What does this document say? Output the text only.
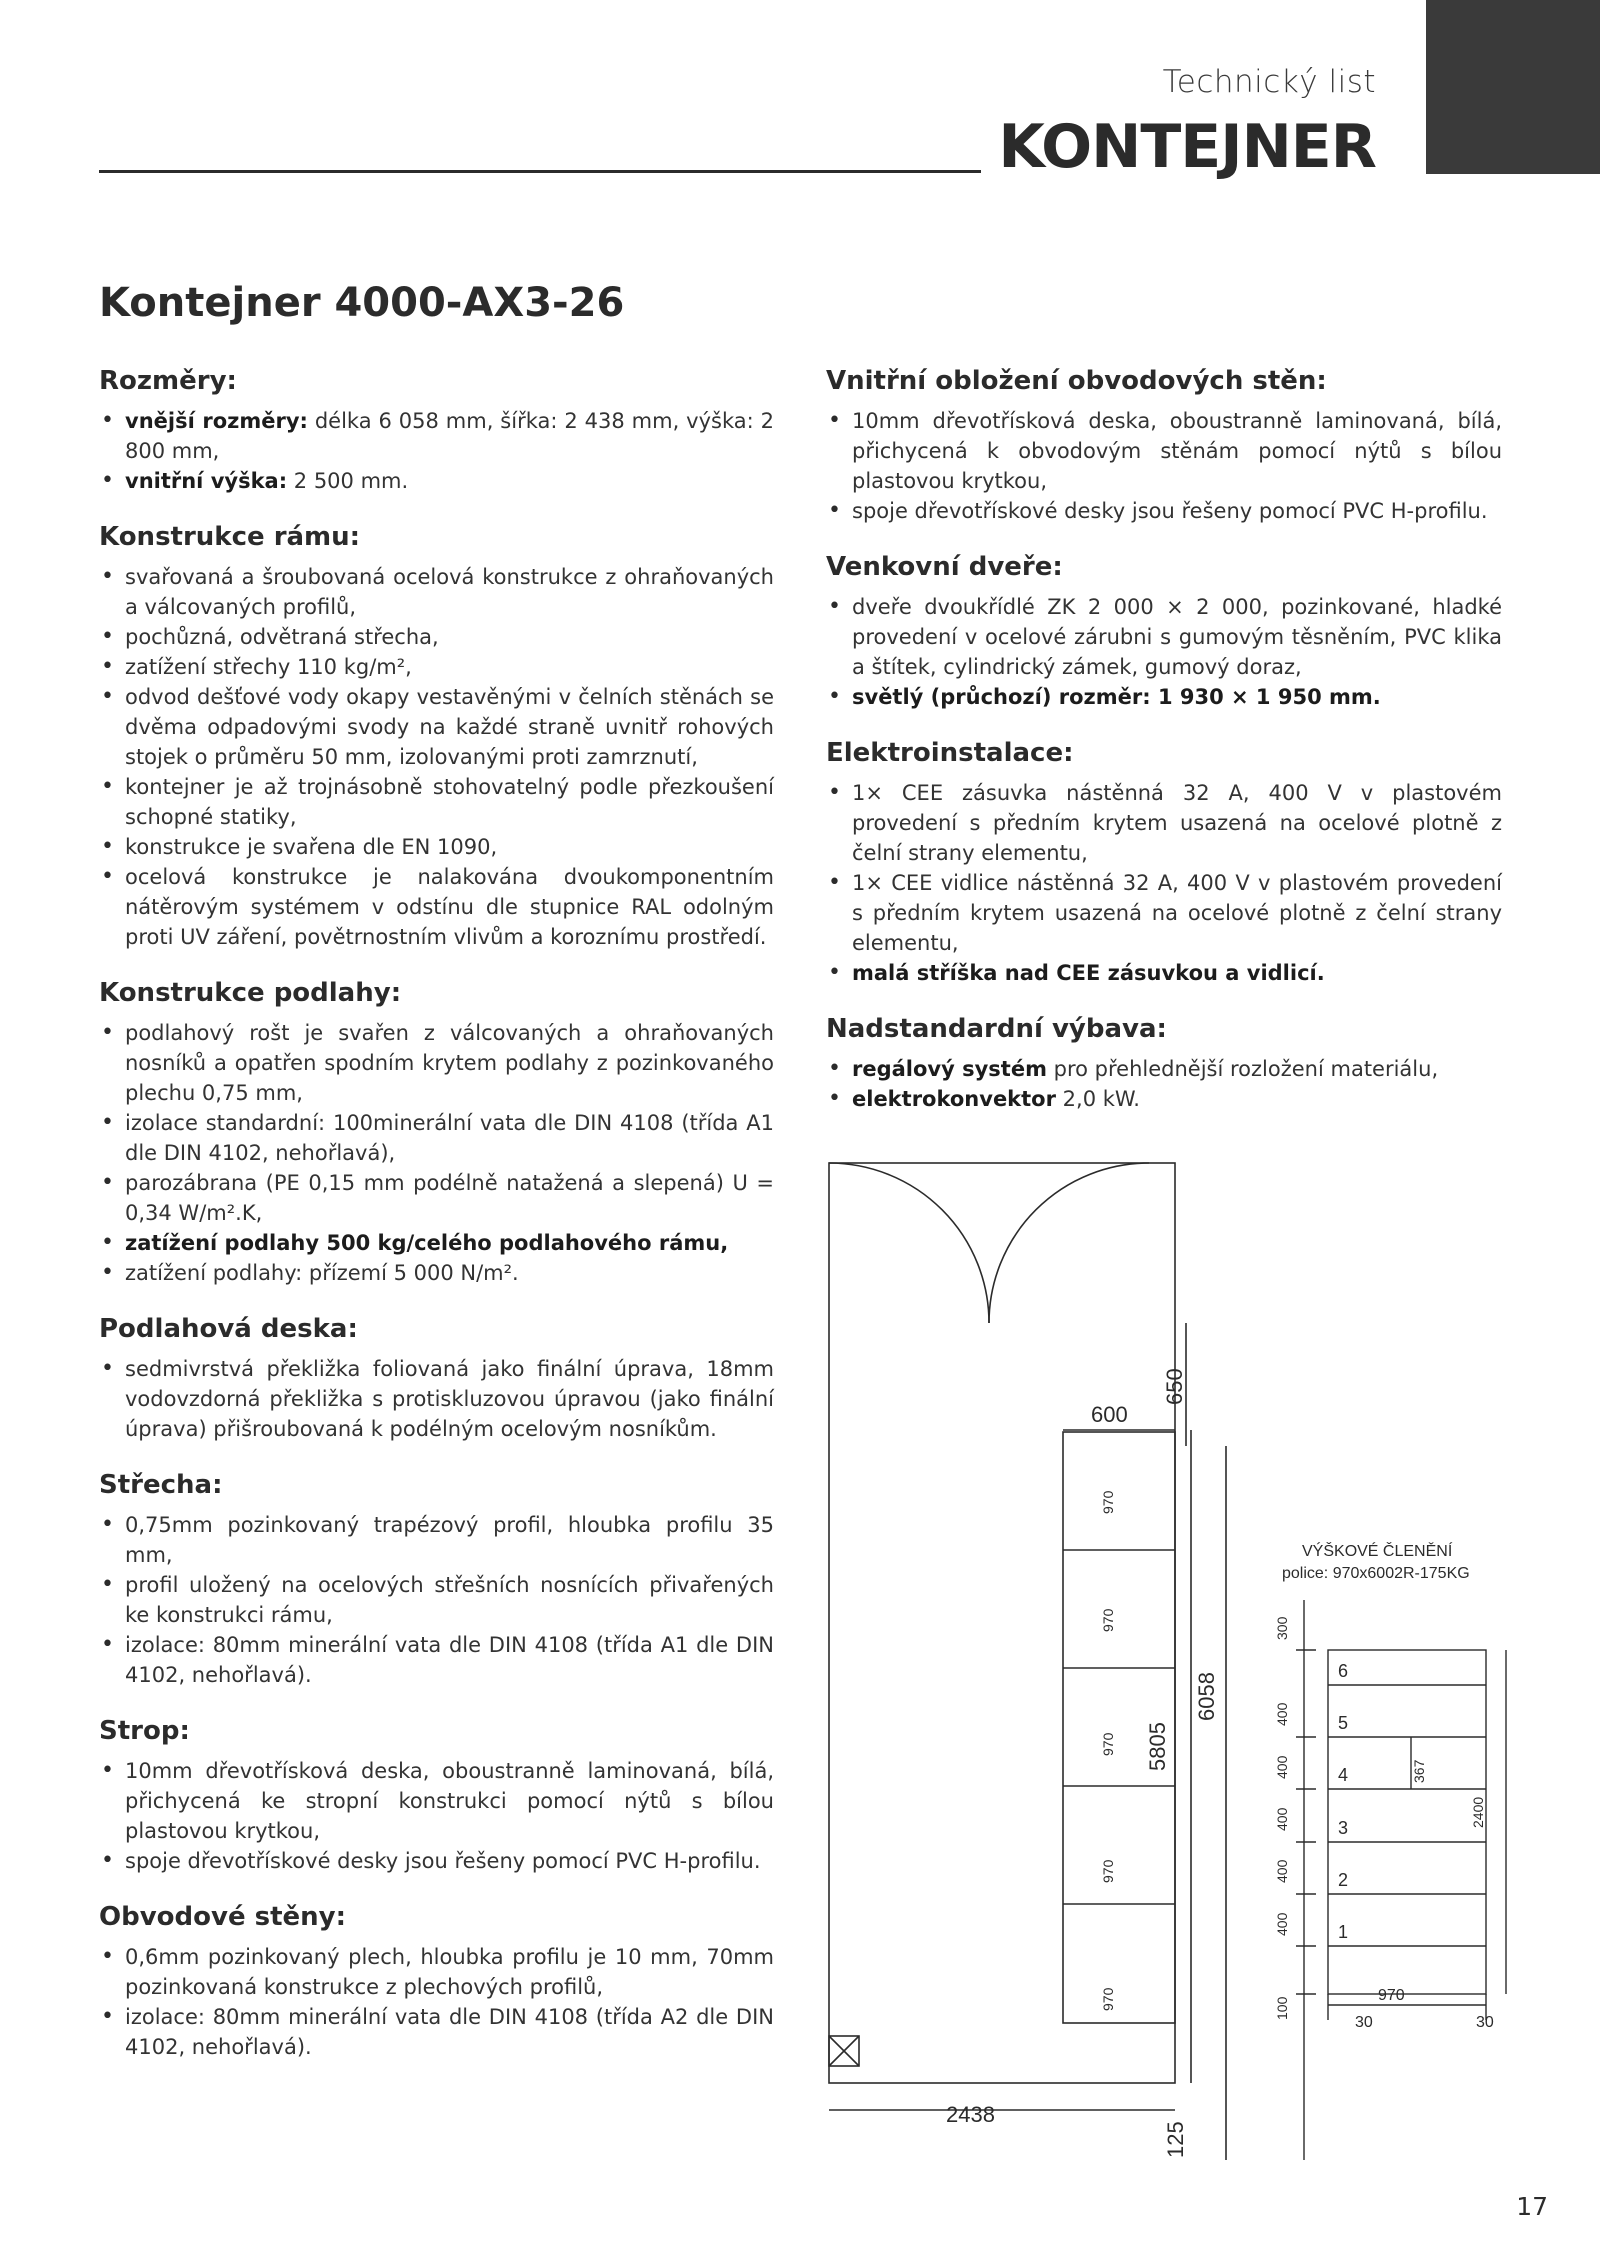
Technický list
KONTEJNER
Kontejner 4000-AX3-26
Rozměry:
• vnější rozměry: délka 6 058 mm, šířka: 2 438 mm, výška: 2 800 mm,
• vnitřní výška: 2 500 mm.
Konstrukce rámu:
• svařovaná a šroubovaná ocelová konstrukce z ohraňovaných a válcovaných profilů,
• pochůzná, odvětraná střecha,
• zatížení střechy 110 kg/m²,
• odvod dešťové vody okapy vestavěnými v čelních stěnách se dvěma odpadovými svody na každé straně uvnitř rohových stojek o průměru 50 mm, izolovanými proti zamrznutí,
• kontejner je až trojnásobně stohovatelný podle přezkoušení schopné statiky,
• konstrukce je svařena dle EN 1090,
• ocelová konstrukce je nalakována dvoukomponentním nátěrovým systémem v odstínu dle stupnice RAL odolným proti UV záření, povětrnostním vlivům a koroznímu prostředí.
Konstrukce podlahy:
• podlahový rošt je svařen z válcovaných a ohraňovaných nosníků a opatřen spodním krytem podlahy z pozinkovaného plechu 0,75 mm,
• izolace standardní: 100minerální vata dle DIN 4108 (třída A1 dle DIN 4102, nehořlavá),
• parozábrana (PE 0,15 mm podélně natažená a slepená) U = 0,34 W/m².K,
• zatížení podlahy 500 kg/celého podlahového rámu,
• zatížení podlahy: přízemí 5 000 N/m².
Podlahová deska:
• sedmivrstvá překližka foliovaná jako finální úprava, 18mm vodovzdorná překližka s protiskluzovou úpravou (jako finální úprava) přišroubovaná k podélným ocelovým nosníkům.
Střecha:
• 0,75mm pozinkovaný trapézový profil, hloubka profilu 35 mm,
• profil uložený na ocelových střešních nosnících přivařených ke konstrukci rámu,
• izolace: 80mm minerální vata dle DIN 4108 (třída A1 dle DIN 4102, nehořlavá).
Strop:
• 10mm dřevotřísková deska, oboustranně laminovaná, bílá, přichycená ke stropní konstrukci pomocí nýtů s bílou plastovou krytkou,
• spoje dřevotřískové desky jsou řešeny pomocí PVC H-profilu.
Obvodové stěny:
• 0,6mm pozinkovaný plech, hloubka profilu je 10 mm, 70mm pozinkovaná konstrukce z plechových profilů,
• izolace: 80mm minerální vata dle DIN 4108 (třída A2 dle DIN 4102, nehořlavá).
Vnitřní obložení obvodových stěn:
• 10mm dřevotřísková deska, oboustranně laminovaná, bílá, přichycená k obvodovým stěnám pomocí nýtů s bílou plastovou krytkou,
• spoje dřevotřískové desky jsou řešeny pomocí PVC H-profilu.
Venkovní dveře:
• dveře dvoukřídlé ZK 2 000 × 2 000, pozinkované, hladké provedení v ocelové zárubni s gumovým těsněním, PVC klika a štítek, cylindrický zámek, gumový doraz,
• světlý (průchozí) rozměr: 1 930 × 1 950 mm.
Elektroinstalace:
• 1× CEE zásuvka nástěnná 32 A, 400 V v plastovém provedení s předním krytem usazená na ocelové plotně z čelní strany elementu,
• 1× CEE vidlice nástěnná 32 A, 400 V v plastovém provedení s předním krytem usazená na ocelové plotně z čelní strany elementu,
• malá stříška nad CEE zásuvkou a vidlicí.
Nadstandardní výbava:
• regálový systém pro přehlednější rozložení materiálu,
• elektrokonvektor 2,0 kW.
2438
600
650
5805
6058
125
970
970
970
970
970
VÝŠKOVÉ ČLENĚNÍ
police: 970x6002R-175KG
6
5
4
3
2
1
300
400
400
400
400
400
100
367
2400
970
30	30
17
